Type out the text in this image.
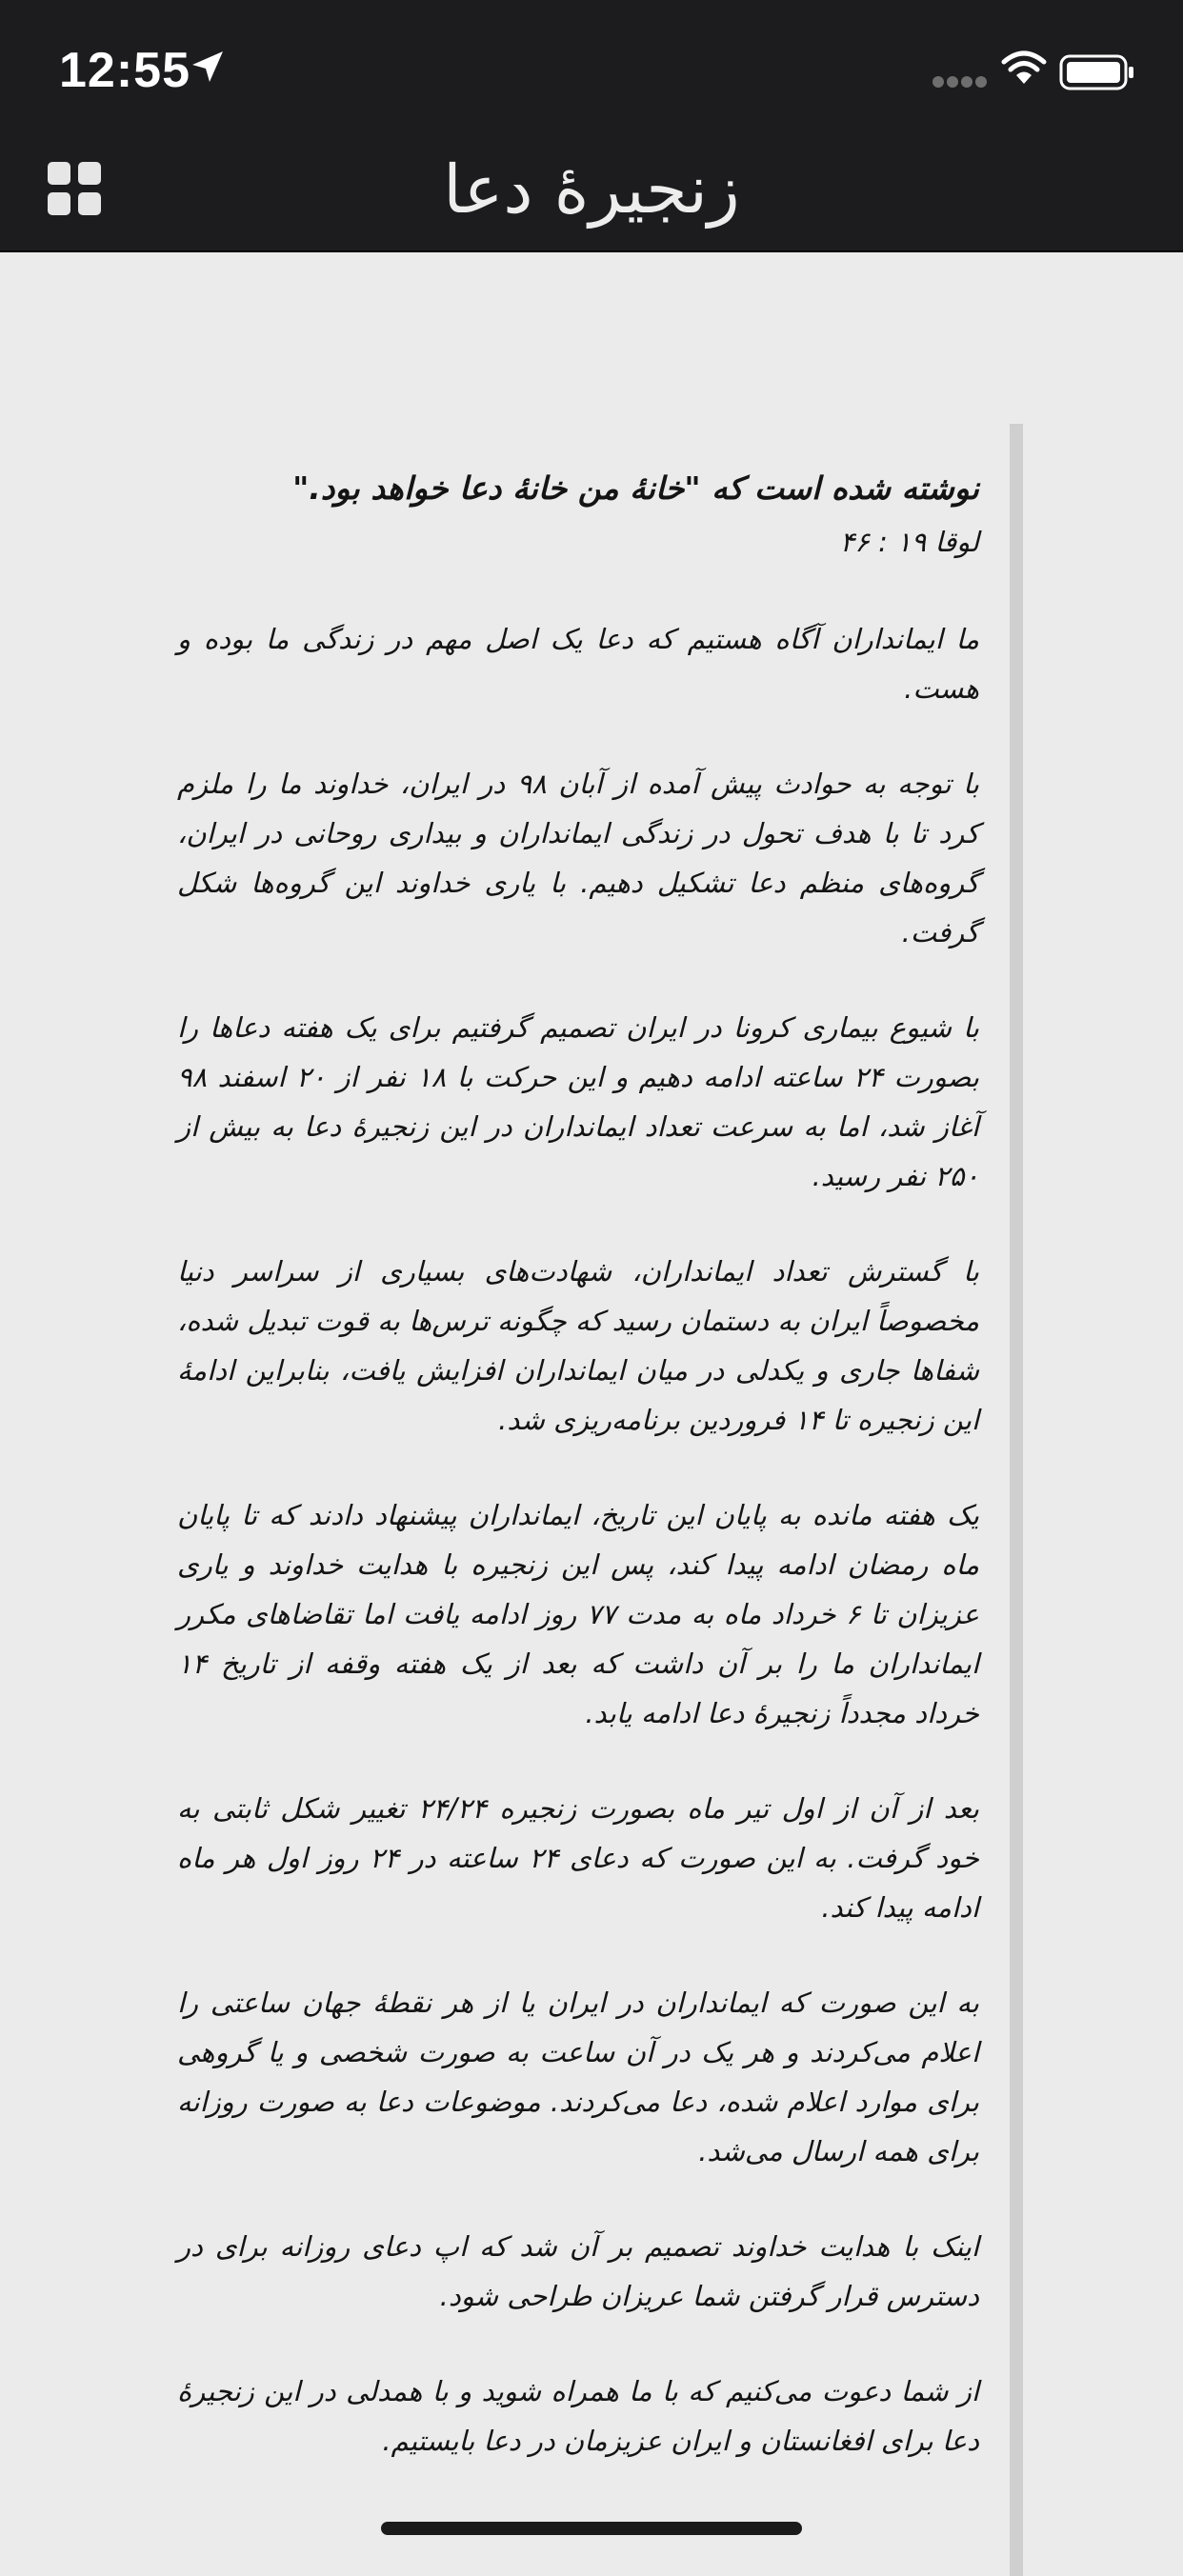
12:55
زنجیرهٔ دعا

نوشته شده است که "خانهٔ من خانهٔ دعا خواهد بود."

لوقا ۱۹ : ۴۶

ما ایمانداران آگاه هستیم که دعا یک اصل مهم در زندگی ما بوده و هست.

با توجه به حوادث پیش آمده از آبان ۹۸ در ایران، خداوند ما را ملزم کرد تا با هدف تحول در زندگی ایمانداران و بیداری روحانی در ایران، گروه‌های منظم دعا تشکیل دهیم. با یاری خداوند این گروه‌ها شکل گرفت.

با شیوع بیماری کرونا در ایران تصمیم گرفتیم برای یک هفته دعاها را بصورت ۲۴ ساعته ادامه دهیم و این حرکت با ۱۸ نفر از ۲۰ اسفند ۹۸ آغاز شد، اما به سرعت تعداد ایمانداران در این زنجیرهٔ دعا به بیش از ۲۵۰ نفر رسید.

با گسترش تعداد ایمانداران، شهادت‌های بسیاری از سراسر دنیا مخصوصاً ایران به دستمان رسید که چگونه ترس‌ها به قوت تبدیل شده، شفاها جاری و یکدلی در میان ایمانداران افزایش یافت، بنابراین ادامهٔ این زنجیره تا ۱۴ فروردین برنامه‌ریزی شد.

یک هفته مانده به پایان این تاریخ، ایمانداران پیشنهاد دادند که تا پایان ماه رمضان ادامه پیدا کند، پس این زنجیره با هدایت خداوند و یاری عزیزان تا ۶ خرداد ماه به مدت ۷۷ روز ادامه یافت اما تقاضاهای مکرر ایمانداران ما را بر آن داشت که بعد از یک هفته وقفه از تاریخ ۱۴ خرداد مجدداً زنجیرهٔ دعا ادامه یابد.

بعد از آن از اول تیر ماه بصورت زنجیره ۲۴/۲۴ تغییر شکل ثابتی به خود گرفت. به این صورت که دعای ۲۴ ساعته در ۲۴ روز اول هر ماه ادامه پیدا کند.

به این صورت که ایمانداران در ایران یا از هر نقطهٔ جهان ساعتی را اعلام می‌کردند و هر یک در آن ساعت به صورت شخصی و یا گروهی برای موارد اعلام شده، دعا می‌کردند. موضوعات دعا به صورت روزانه برای همه ارسال می‌شد.

اینک با هدایت خداوند تصمیم بر آن شد که اپ دعای روزانه برای در دسترس قرار گرفتن شما عریزان طراحی شود.

از شما دعوت می‌کنیم که با ما همراه شوید و با همدلی در این زنجیرهٔ دعا برای افغانستان و ایران عزیزمان در دعا بایستیم.
